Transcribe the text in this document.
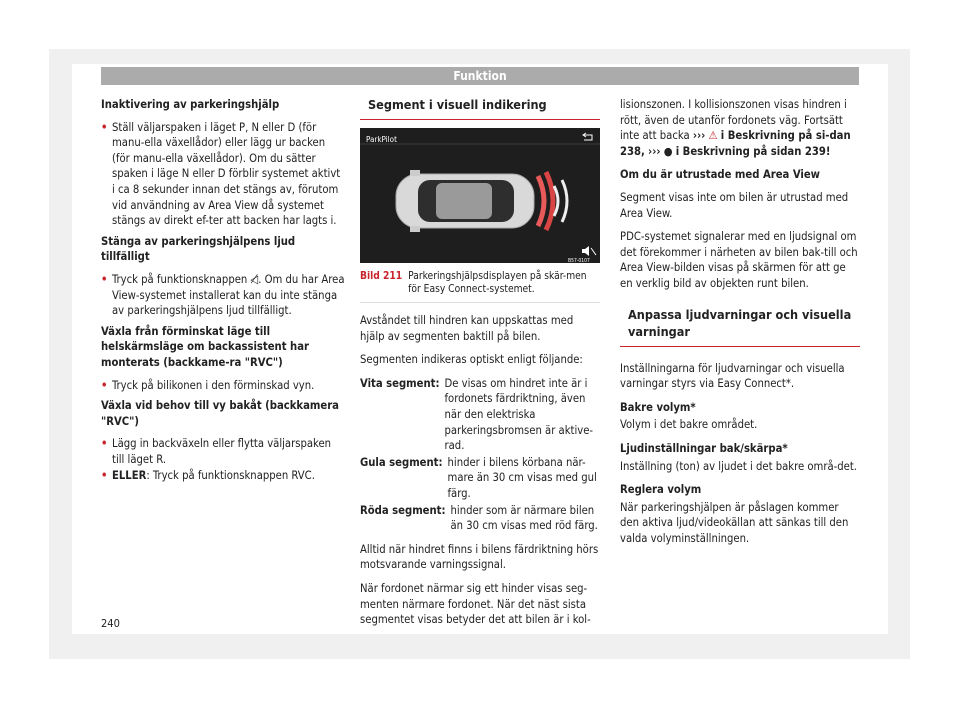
Funktion

Inaktivering av parkeringshjälp

• Ställ väljarspaken i läget P, N eller D (för manu-ella växellådor) eller lägg ur backen (för manu-ella växellådor). Om du sätter spaken i läge N eller D förblir systemet aktivt i ca 8 sekunder innan det stängs av, förutom vid användning av Area View då systemet stängs av direkt ef-ter att backen har lagts i.

Stänga av parkeringshjälpens ljud tillfälligt

• Tryck på funktionsknappen ◁̸. Om du har Area View-systemet installerat kan du inte stänga av parkeringshjälpens ljud tillfälligt.

Växla från förminskat läge till helskärmsläge om backassistent har monterats (backkame-ra "RVC")

• Tryck på bilikonen i den förminskad vyn.

Växla vid behov till vy bakåt (backkamera "RVC")

• Lägg in backväxeln eller flytta väljarspaken till läget R.
• ELLER: Tryck på funktionsknappen RVC.
Segment i visuell indikering
ParkPilot
B57-0107
Bild 211 Parkeringshjälpsdisplayen på skär-men för Easy Connect-systemet.

Avståndet till hindren kan uppskattas med hjälp av segmenten baktill på bilen.

Segmenten indikeras optiskt enligt följande:

Vita segment: De visas om hindret inte är i fordonets färdriktning, även när den elektriska parkeringsbromsen är aktive-rad.
Gula segment: hinder i bilens körbana när-mare än 30 cm visas med gul färg.
Röda segment: hinder som är närmare bilen än 30 cm visas med röd färg.

Alltid när hindret finns i bilens färdriktning hörs motsvarande varningssignal.

När fordonet närmar sig ett hinder visas seg-menten närmare fordonet. När det näst sista segmentet visas betyder det att bilen är i kol-

lisionszonen. I kollisionszonen visas hindren i rött, även de utanför fordonets väg. Fortsätt inte att backa ››› ⚠ i Beskrivning på si-dan 238, ››› ● i Beskrivning på sidan 239!

Om du är utrustade med Area View

Segment visas inte om bilen är utrustad med Area View.

PDC-systemet signalerar med en ljudsignal om det förekommer i närheten av bilen bak-till och Area View-bilden visas på skärmen för att ge en verklig bild av objekten runt bilen.

Anpassa ljudvarningar och visuella varningar

Inställningarna för ljudvarningar och visuella varningar styrs via Easy Connect*.

Bakre volym*

Volym i det bakre området.

Ljudinställningar bak/skärpa*

Inställning (ton) av ljudet i det bakre områ-det.

Reglera volym

När parkeringshjälpen är påslagen kommer den aktiva ljud/videokällan att sänkas till den valda volyminställningen.

240
